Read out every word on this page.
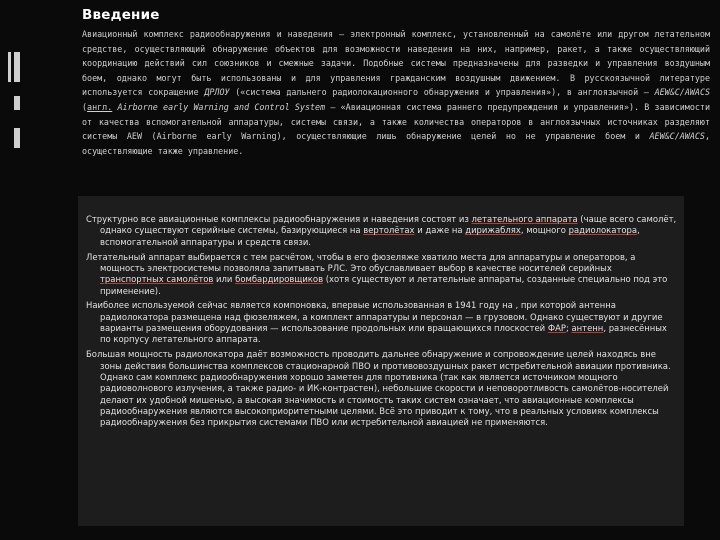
Введение

Авиационный комплекс радиообнаружения и наведения — электронный комплекс, установленный на самолёте или другом летательном средстве, осуществляющий обнаружение объектов для возможности наведения на них, например, ракет, а также осуществляющий координацию действий сил союзников и смежные задачи. Подобные системы предназначены для разведки и управления воздушным боем, однако могут быть использованы и для управления гражданским воздушным движением. В русскоязычной литературе используется сокращение ДРЛОУ («система дальнего радиолокационного обнаружения и управления»), в англоязычной — AEW&C/AWACS (англ. Airborne early Warning and Control System — «Авиационная система раннего предупреждения и управления»). В зависимости от качества вспомогательной аппаратуры, системы связи, а также количества операторов в англоязычных источниках разделяют системы AEW (Airborne early Warning), осуществляющие лишь обнаружение целей но не управление боем и AEW&C/AWACS, осуществляющие также управление.

Структурно все авиационные комплексы радиообнаружения и наведения состоят из летательного аппарата (чаще всего самолёт, однако существуют серийные системы, базирующиеся на вертолётах и даже на дирижаблях, мощного радиолокатора, вспомогательной аппаратуры и средств связи.

Летательный аппарат выбирается с тем расчётом, чтобы в его фюзеляже хватило места для аппаратуры и операторов, а мощность электросистемы позволяла запитывать РЛС. Это обуславливает выбор в качестве носителей серийных транспортных самолётов или бомбардировщиков (хотя существуют и летательные аппараты, созданные специально под это применение).

Наиболее используемой сейчас является компоновка, впервые использованная в 1941 году на , при которой антенна радиолокатора размещена над фюзеляжем, а комплект аппаратуры и персонал — в грузовом. Однако существуют и другие варианты размещения оборудования — использование продольных или вращающихся плоскостей ФАР; антенн, разнесённых по корпусу летательного аппарата.

Большая мощность радиолокатора даёт возможность проводить дальнее обнаружение и сопровождение целей находясь вне зоны действия большинства комплексов стационарной ПВО и противовоздушных ракет истребительной авиации противника. Однако сам комплекс радиообнаружения хорошо заметен для противника (так как является источником мощного радиоволнового излучения, а также радио- и ИК-контрастен), небольшие скорости и неповоротливость самолётов-носителей делают их удобной мишенью, а высокая значимость и стоимость таких систем означает, что авиационные комплексы радиообнаружения являются высокоприоритетными целями. Всё это приводит к тому, что в реальных условиях комплексы радиообнаружения без прикрытия системами ПВО или истребительной авиацией не применяются.
